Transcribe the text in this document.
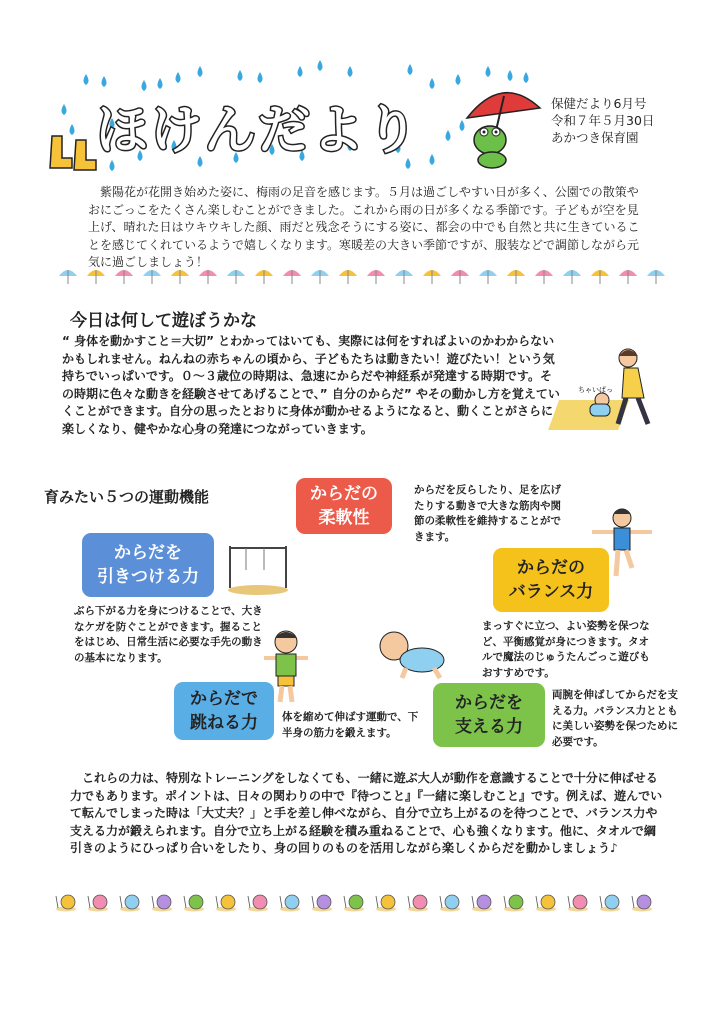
ほけんだより	保健だより6月号
令和７年５月30日
あかつき保育園
紫陽花が花開き始めた姿に、梅雨の足音を感じます。５月は過ごしやすい日が多く、公園での散策やおにごっこをたくさん楽しむことができました。これから雨の日が多くなる季節です。子どもが空を見上げ、晴れた日はウキウキした顔、雨だと残念そうにする姿に、都会の中でも自然と共に生きていることを感じてくれているようで嬉しくなります。寒暖差の大きい季節ですが、服装などで調節しながら元気に過ごしましょう！
今日は何して遊ぼうかな
“ 身体を動かすこと＝大切” とわかってはいても、実際には何をすればよいのかわからないかもしれません。ねんねの赤ちゃんの頃から、子どもたちは動きたい！遊びたい！という気持ちでいっぱいです。０～３歳位の時期は、急速にからだや神経系が発達する時期です。その時期に色々な動きを経験させてあげることで、” 自分のからだ” やその動かし方を覚えていくことができます。自分の思ったとおりに身体が動かせるようになると、動くことがさらに楽しくなり、健やかな心身の発達につながっていきます。
ちゃいぱっ
育みたい５つの運動機能	からだの
柔軟性
からだを
引きつける力	からだの
バランス力
からだで
跳ねる力
からだを
支える力
からだを反らしたり、足を広げたりする動きで大きな筋肉や関節の柔軟性を維持することができます。
ぶら下がる力を身につけることで、大きなケガを防ぐことができます。握ることをはじめ、日常生活に必要な手先の動きの基本になります。
まっすぐに立つ、よい姿勢を保つなど、平衡感覚が身につきます。タオルで魔法のじゅうたんごっこ遊びもおすすめです。
体を縮めて伸ばす運動で、下半身の筋力を鍛えます。
両腕を伸ばしてからだを支える力。バランス力とともに美しい姿勢を保つために必要です。
これらの力は、特別なトレーニングをしなくても、一緒に遊ぶ大人が動作を意識することで十分に伸ばせる力でもあります。ポイントは、日々の関わりの中で『待つこと』『一緒に楽しむこと』です。例えば、遊んでいて転んでしまった時は「大丈夫？」と手を差し伸べながら、自分で立ち上がるのを待つことで、バランス力や支える力が鍛えられます。自分で立ち上がる経験を積み重ねることで、心も強くなります。他に、タオルで綱引きのようにひっぱり合いをしたり、身の回りのものを活用しながら楽しくからだを動かしましょう♪
